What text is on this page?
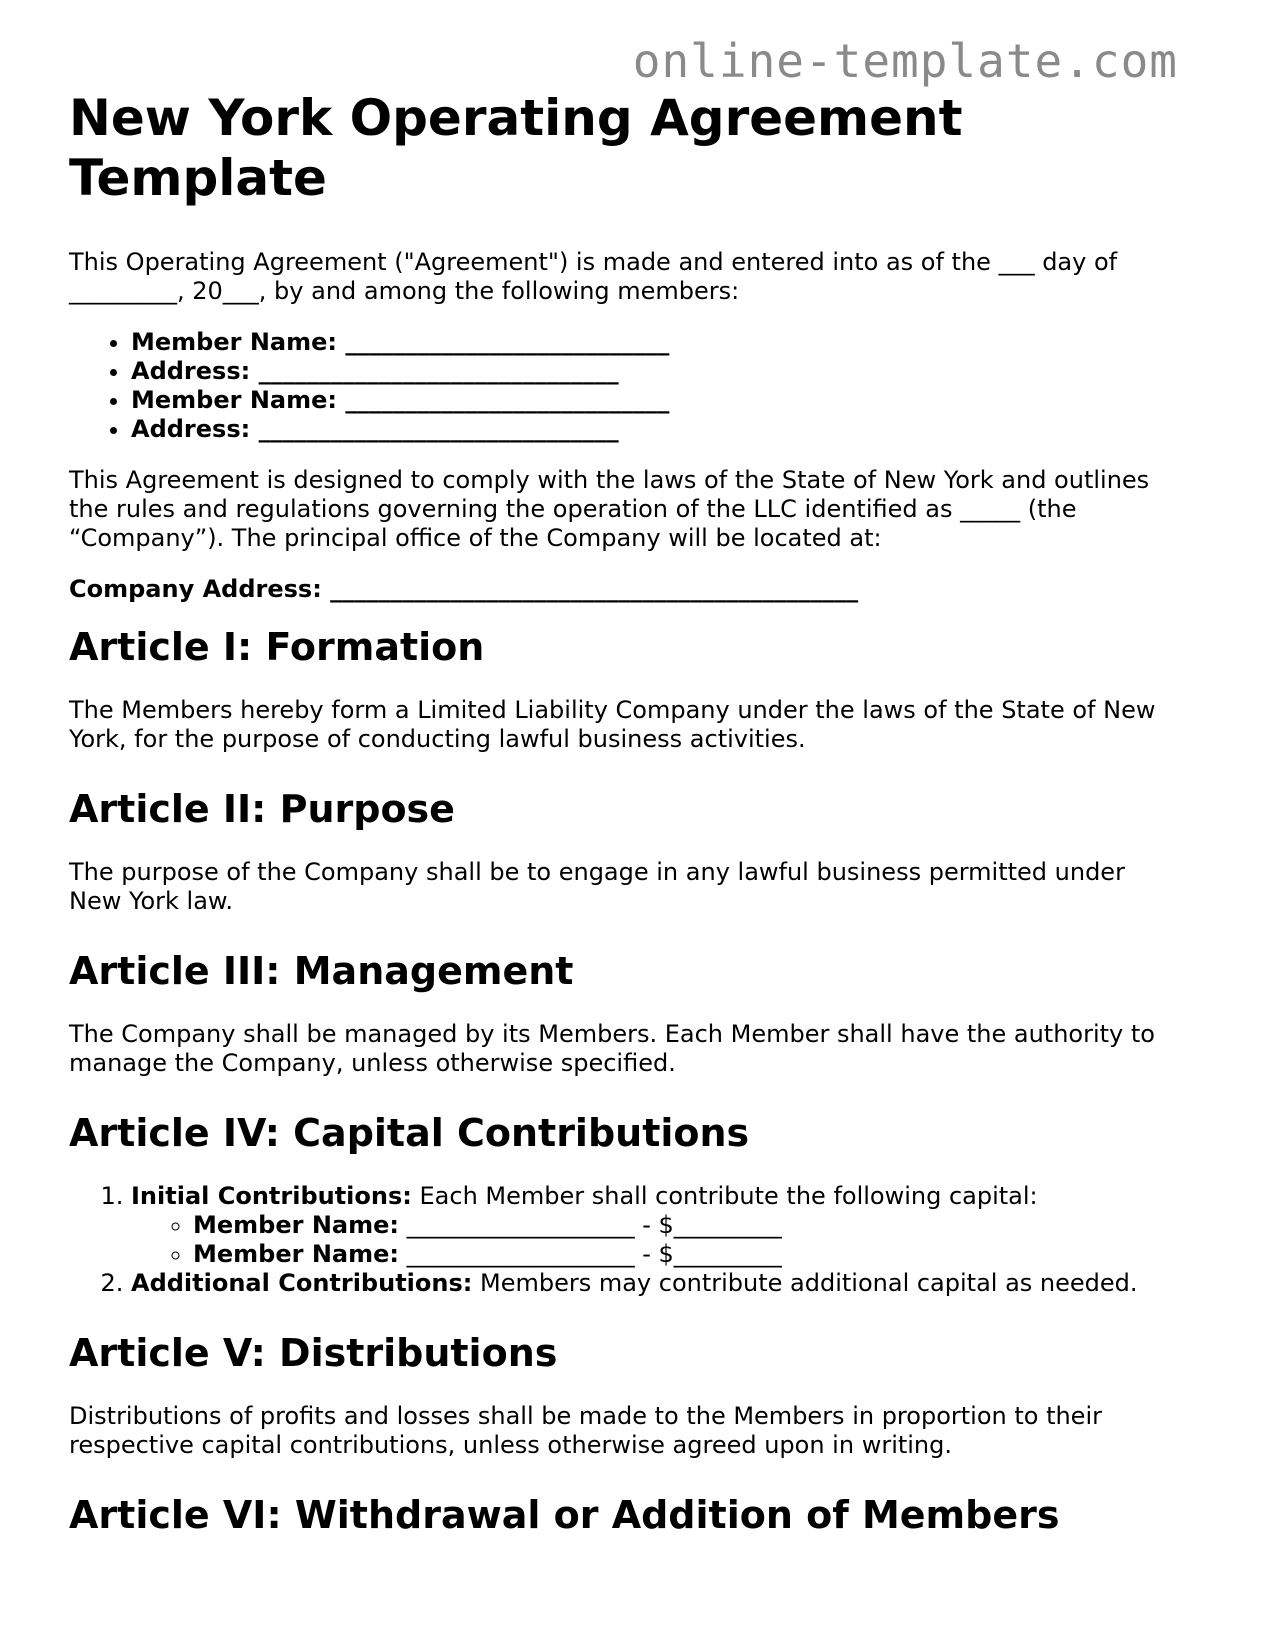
online-template.com
New York Operating Agreement Template

This Operating Agreement ("Agreement") is made and entered into as of the ___ day of
_________, 20___, by and among the following members:

• Member Name: ___________________________
• Address: ______________________________
• Member Name: ___________________________
• Address: ______________________________

This Agreement is designed to comply with the laws of the State of New York and outlines
the rules and regulations governing the operation of the LLC identified as _____ (the
“Company”). The principal office of the Company will be located at:

Company Address: ____________________________________________

Article I: Formation

The Members hereby form a Limited Liability Company under the laws of the State of New
York, for the purpose of conducting lawful business activities.

Article II: Purpose

The purpose of the Company shall be to engage in any lawful business permitted under
New York law.

Article III: Management

The Company shall be managed by its Members. Each Member shall have the authority to
manage the Company, unless otherwise specified.

Article IV: Capital Contributions
1. Initial Contributions: Each Member shall contribute the following capital:
◦ Member Name: ___________________ - $_________
◦ Member Name: ___________________ - $_________
2. Additional Contributions: Members may contribute additional capital as needed.
Article V: Distributions

Distributions of profits and losses shall be made to the Members in proportion to their
respective capital contributions, unless otherwise agreed upon in writing.

Article VI: Withdrawal or Addition of Members
